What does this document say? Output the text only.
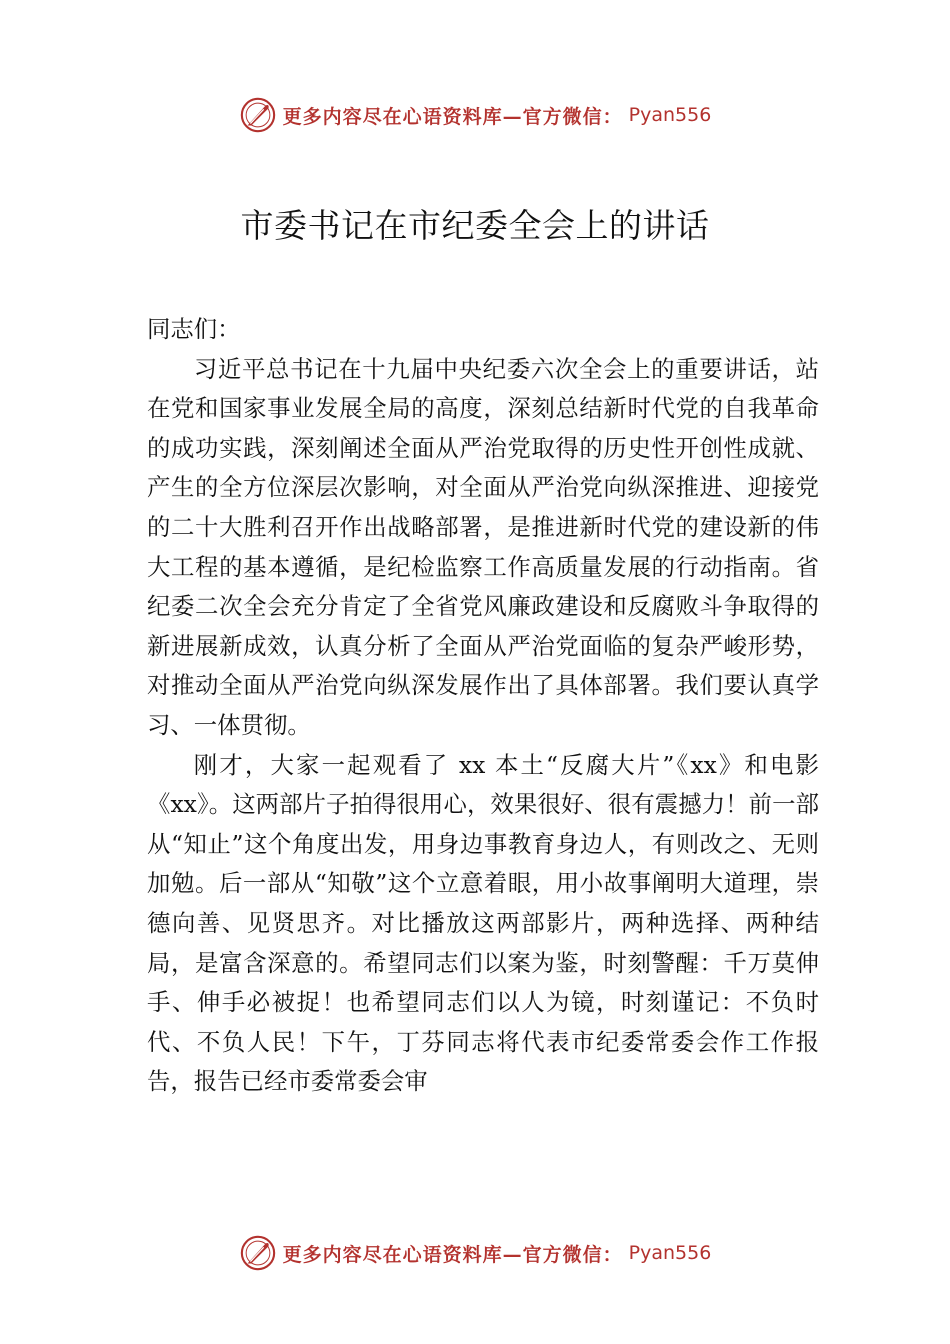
更多内容尽在心语资料库—官方微信： Pyan556
市委书记在市纪委全会上的讲话

同志们：

习近平总书记在十九届中央纪委六次全会上的重要讲话，站在党和国家事业发展全局的高度，深刻总结新时代党的自我革命的成功实践，深刻阐述全面从严治党取得的历史性开创性成就、产生的全方位深层次影响，对全面从严治党向纵深推进、迎接党的二十大胜利召开作出战略部署，是推进新时代党的建设新的伟大工程的基本遵循，是纪检监察工作高质量发展的行动指南。省纪委二次全会充分肯定了全省党风廉政建设和反腐败斗争取得的新进展新成效，认真分析了全面从严治党面临的复杂严峻形势，对推动全面从严治党向纵深发展作出了具体部署。我们要认真学习、一体贯彻。

刚才，大家一起观看了 xx 本土“反腐大片”《xx》和电影《xx》。这两部片子拍得很用心，效果很好、很有震撼力！前一部从“知止”这个角度出发，用身边事教育身边人，有则改之、无则加勉。后一部从“知敬”这个立意着眼，用小故事阐明大道理，崇德向善、见贤思齐。对比播放这两部影片，两种选择、两种结局，是富含深意的。希望同志们以案为鉴，时刻警醒：千万莫伸手、伸手必被捉！也希望同志们以人为镜，时刻谨记：不负时代、不负人民！下午，丁芬同志将代表市纪委常委会作工作报告，报告已经市委常委会审

更多内容尽在心语资料库—官方微信： Pyan556
